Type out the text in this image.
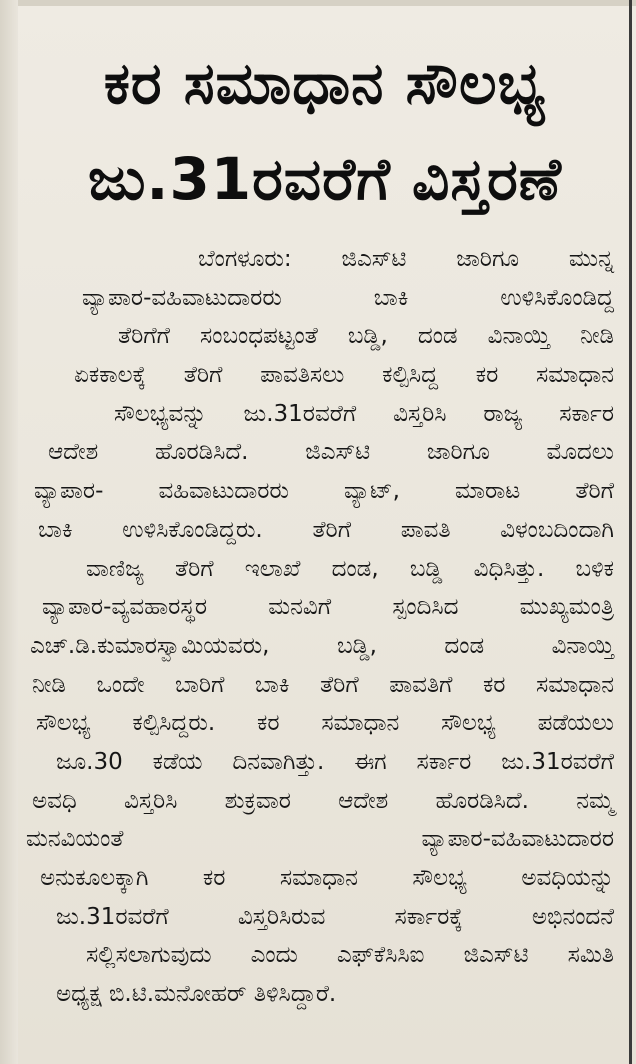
ಕರ ಸಮಾಧಾನ ಸೌಲಭ್ಯ
ಜು.31ರವರೆಗೆ ವಿಸ್ತರಣೆ
ಬೆಂಗಳೂರು: ಜಿಎಸ್‌ಟಿ ಜಾರಿಗೂ ಮುನ್ನ
ವ್ಯಾಪಾರ-ವಹಿವಾಟುದಾರರು ಬಾಕಿ ಉಳಿಸಿಕೊಂಡಿದ್ದ
ತೆರಿಗೆಗೆ ಸಂಬಂಧಪಟ್ಟಂತೆ ಬಡ್ಡಿ, ದಂಡ ವಿನಾಯ್ತಿ ನೀಡಿ
ಏಕಕಾಲಕ್ಕೆ ತೆರಿಗೆ ಪಾವತಿಸಲು ಕಲ್ಪಿಸಿದ್ದ ಕರ ಸಮಾಧಾನ
ಸೌಲಭ್ಯವನ್ನು ಜು.31ರವರೆಗೆ ವಿಸ್ತರಿಸಿ ರಾಜ್ಯ ಸರ್ಕಾರ
ಆದೇಶ ಹೊರಡಿಸಿದೆ. ಜಿಎಸ್‌ಟಿ ಜಾರಿಗೂ ಮೊದಲು
ವ್ಯಾಪಾರ- ವಹಿವಾಟುದಾರರು ವ್ಯಾಟ್, ಮಾರಾಟ ತೆರಿಗೆ
ಬಾಕಿ ಉಳಿಸಿಕೊಂಡಿದ್ದರು. ತೆರಿಗೆ ಪಾವತಿ ವಿಳಂಬದಿಂದಾಗಿ
ವಾಣಿಜ್ಯ ತೆರಿಗೆ ಇಲಾಖೆ ದಂಡ, ಬಡ್ಡಿ ವಿಧಿಸಿತ್ತು. ಬಳಿಕ
ವ್ಯಾಪಾರ-ವ್ಯವಹಾರಸ್ಥರ ಮನವಿಗೆ ಸ್ಪಂದಿಸಿದ ಮುಖ್ಯಮಂತ್ರಿ
ಎಚ್.ಡಿ.ಕುಮಾರಸ್ವಾಮಿಯವರು, ಬಡ್ಡಿ, ದಂಡ ವಿನಾಯ್ತಿ
ನೀಡಿ ಒಂದೇ ಬಾರಿಗೆ ಬಾಕಿ ತೆರಿಗೆ ಪಾವತಿಗೆ ಕರ ಸಮಾಧಾನ
ಸೌಲಭ್ಯ ಕಲ್ಪಿಸಿದ್ದರು. ಕರ ಸಮಾಧಾನ ಸೌಲಭ್ಯ ಪಡೆಯಲು
ಜೂ.30 ಕಡೆಯ ದಿನವಾಗಿತ್ತು. ಈಗ ಸರ್ಕಾರ ಜು.31ರವರೆಗೆ
ಅವಧಿ ವಿಸ್ತರಿಸಿ ಶುಕ್ರವಾರ ಆದೇಶ ಹೊರಡಿಸಿದೆ. ನಮ್ಮ
ಮನವಿಯಂತೆ ವ್ಯಾಪಾರ-ವಹಿವಾಟುದಾರರ
ಅನುಕೂಲಕ್ಕಾಗಿ ಕರ ಸಮಾಧಾನ ಸೌಲಭ್ಯ ಅವಧಿಯನ್ನು
ಜು.31ರವರೆಗೆ ವಿಸ್ತರಿಸಿರುವ ಸರ್ಕಾರಕ್ಕೆ ಅಭಿನಂದನೆ
ಸಲ್ಲಿಸಲಾಗುವುದು ಎಂದು ಎಫ್‌ಕೆಸಿಸಿಐ ಜಿಎಸ್‌ಟಿ ಸಮಿತಿ
ಅಧ್ಯಕ್ಷ ಬಿ.ಟಿ.ಮನೋಹರ್ ತಿಳಿಸಿದ್ದಾರೆ.
